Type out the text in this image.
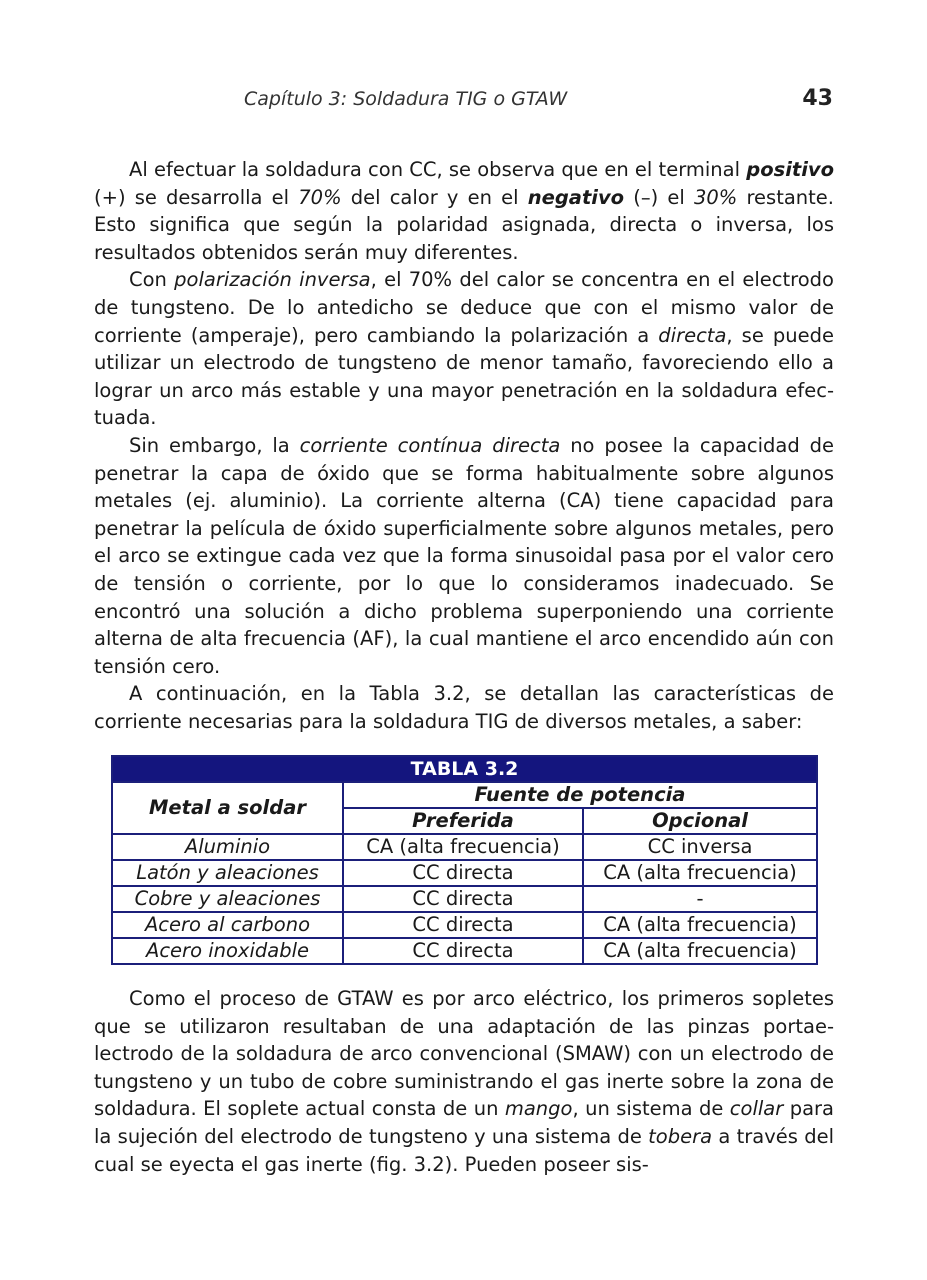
Capítulo 3: Soldadura TIG o GTAW	43

Al efectuar la soldadura con CC, se observa que en el terminal positivo (+) se desarrolla el 70% del calor y en el negativo (–) el 30% restante. Esto significa que según la polaridad asignada, directa o inversa, los resultados obtenidos serán muy diferentes.

Con polarización inversa, el 70% del calor se concentra en el electrodo de tungsteno. De lo antedicho se deduce que con el mismo valor de corriente (amperaje), pero cambiando la polarización a directa, se puede utilizar un electrodo de tungsteno de menor tamaño, favoreciendo ello a lograr un arco más estable y una mayor penetración en la soldadura efectuada.

Sin embargo, la corriente contínua directa no posee la capacidad de penetrar la capa de óxido que se forma habitualmente sobre algunos metales (ej. aluminio). La corriente alterna (CA) tiene capacidad para penetrar la película de óxido superficialmente sobre algunos metales, pero el arco se extingue cada vez que la forma sinusoidal pasa por el valor cero de tensión o corriente, por lo que lo consideramos inadecuado. Se encontró una solución a dicho problema superponiendo una corriente alterna de alta frecuencia (AF), la cual mantiene el arco encendido aún con tensión cero.

A continuación, en la Tabla 3.2, se detallan las características de corriente necesarias para la soldadura TIG de diversos metales, a saber:

TABLA 3.2		
Metal a soldar	Fuente de potencia	
	Preferida	Opcional
Aluminio	CA (alta frecuencia)	CC inversa
Latón y aleaciones	CC directa	CA (alta frecuencia)
Cobre y aleaciones	CC directa	-
Acero al carbono	CC directa	CA (alta frecuencia)
Acero inoxidable	CC directa	CA (alta frecuencia)

Como el proceso de GTAW es por arco eléctrico, los primeros sopletes que se utilizaron resultaban de una adaptación de las pinzas portaelectrodo de la soldadura de arco convencional (SMAW) con un electrodo de tungsteno y un tubo de cobre suministrando el gas inerte sobre la zona de soldadura. El soplete actual consta de un mango, un sistema de collar para la sujeción del electrodo de tungsteno y una sistema de tobera a través del cual se eyecta el gas inerte (fig. 3.2). Pueden poseer sis-
